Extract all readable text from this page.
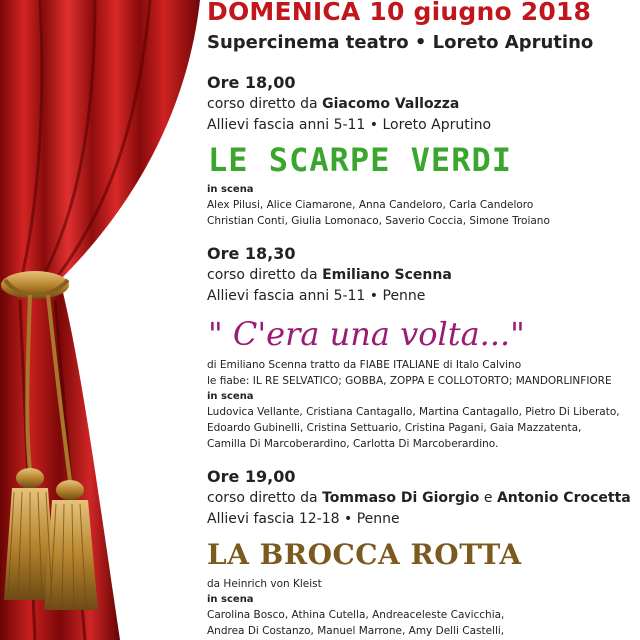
DOMENICA 10 giugno 2018
Supercinema teatro • Loreto Aprutino
Ore 18,00
corso diretto da Giacomo Vallozza
Allievi fascia anni 5-11 • Loreto Aprutino
LE SCARPE VERDI
in scena
Alex Pilusi, Alice Ciamarone, Anna Candeloro, Carla Candeloro
Christian Conti, Giulia Lomonaco, Saverio Coccia, Simone Troiano
Ore 18,30
corso diretto da Emiliano Scenna
Allievi fascia anni 5-11 • Penne
" C'era una volta..."
di Emiliano Scenna tratto da FIABE ITALIANE di Italo Calvino
le fiabe: IL RE SELVATICO; GOBBA, ZOPPA E COLLOTORTO; MANDORLINFIORE
in scena
Ludovica Vellante, Cristiana Cantagallo, Martina Cantagallo, Pietro Di Liberato,
Edoardo Gubinelli, Cristina Settuario, Cristina Pagani, Gaia Mazzatenta,
Camilla Di Marcoberardino, Carlotta Di Marcoberardino.
Ore 19,00
corso diretto da Tommaso Di Giorgio e Antonio Crocetta
Allievi fascia 12-18 • Penne
LA BROCCA ROTTA
da Heinrich von Kleist
in scena
Carolina Bosco, Athina Cutella, Andreaceleste Cavicchia,
Andrea Di Costanzo, Manuel Marrone, Amy Delli Castelli,
